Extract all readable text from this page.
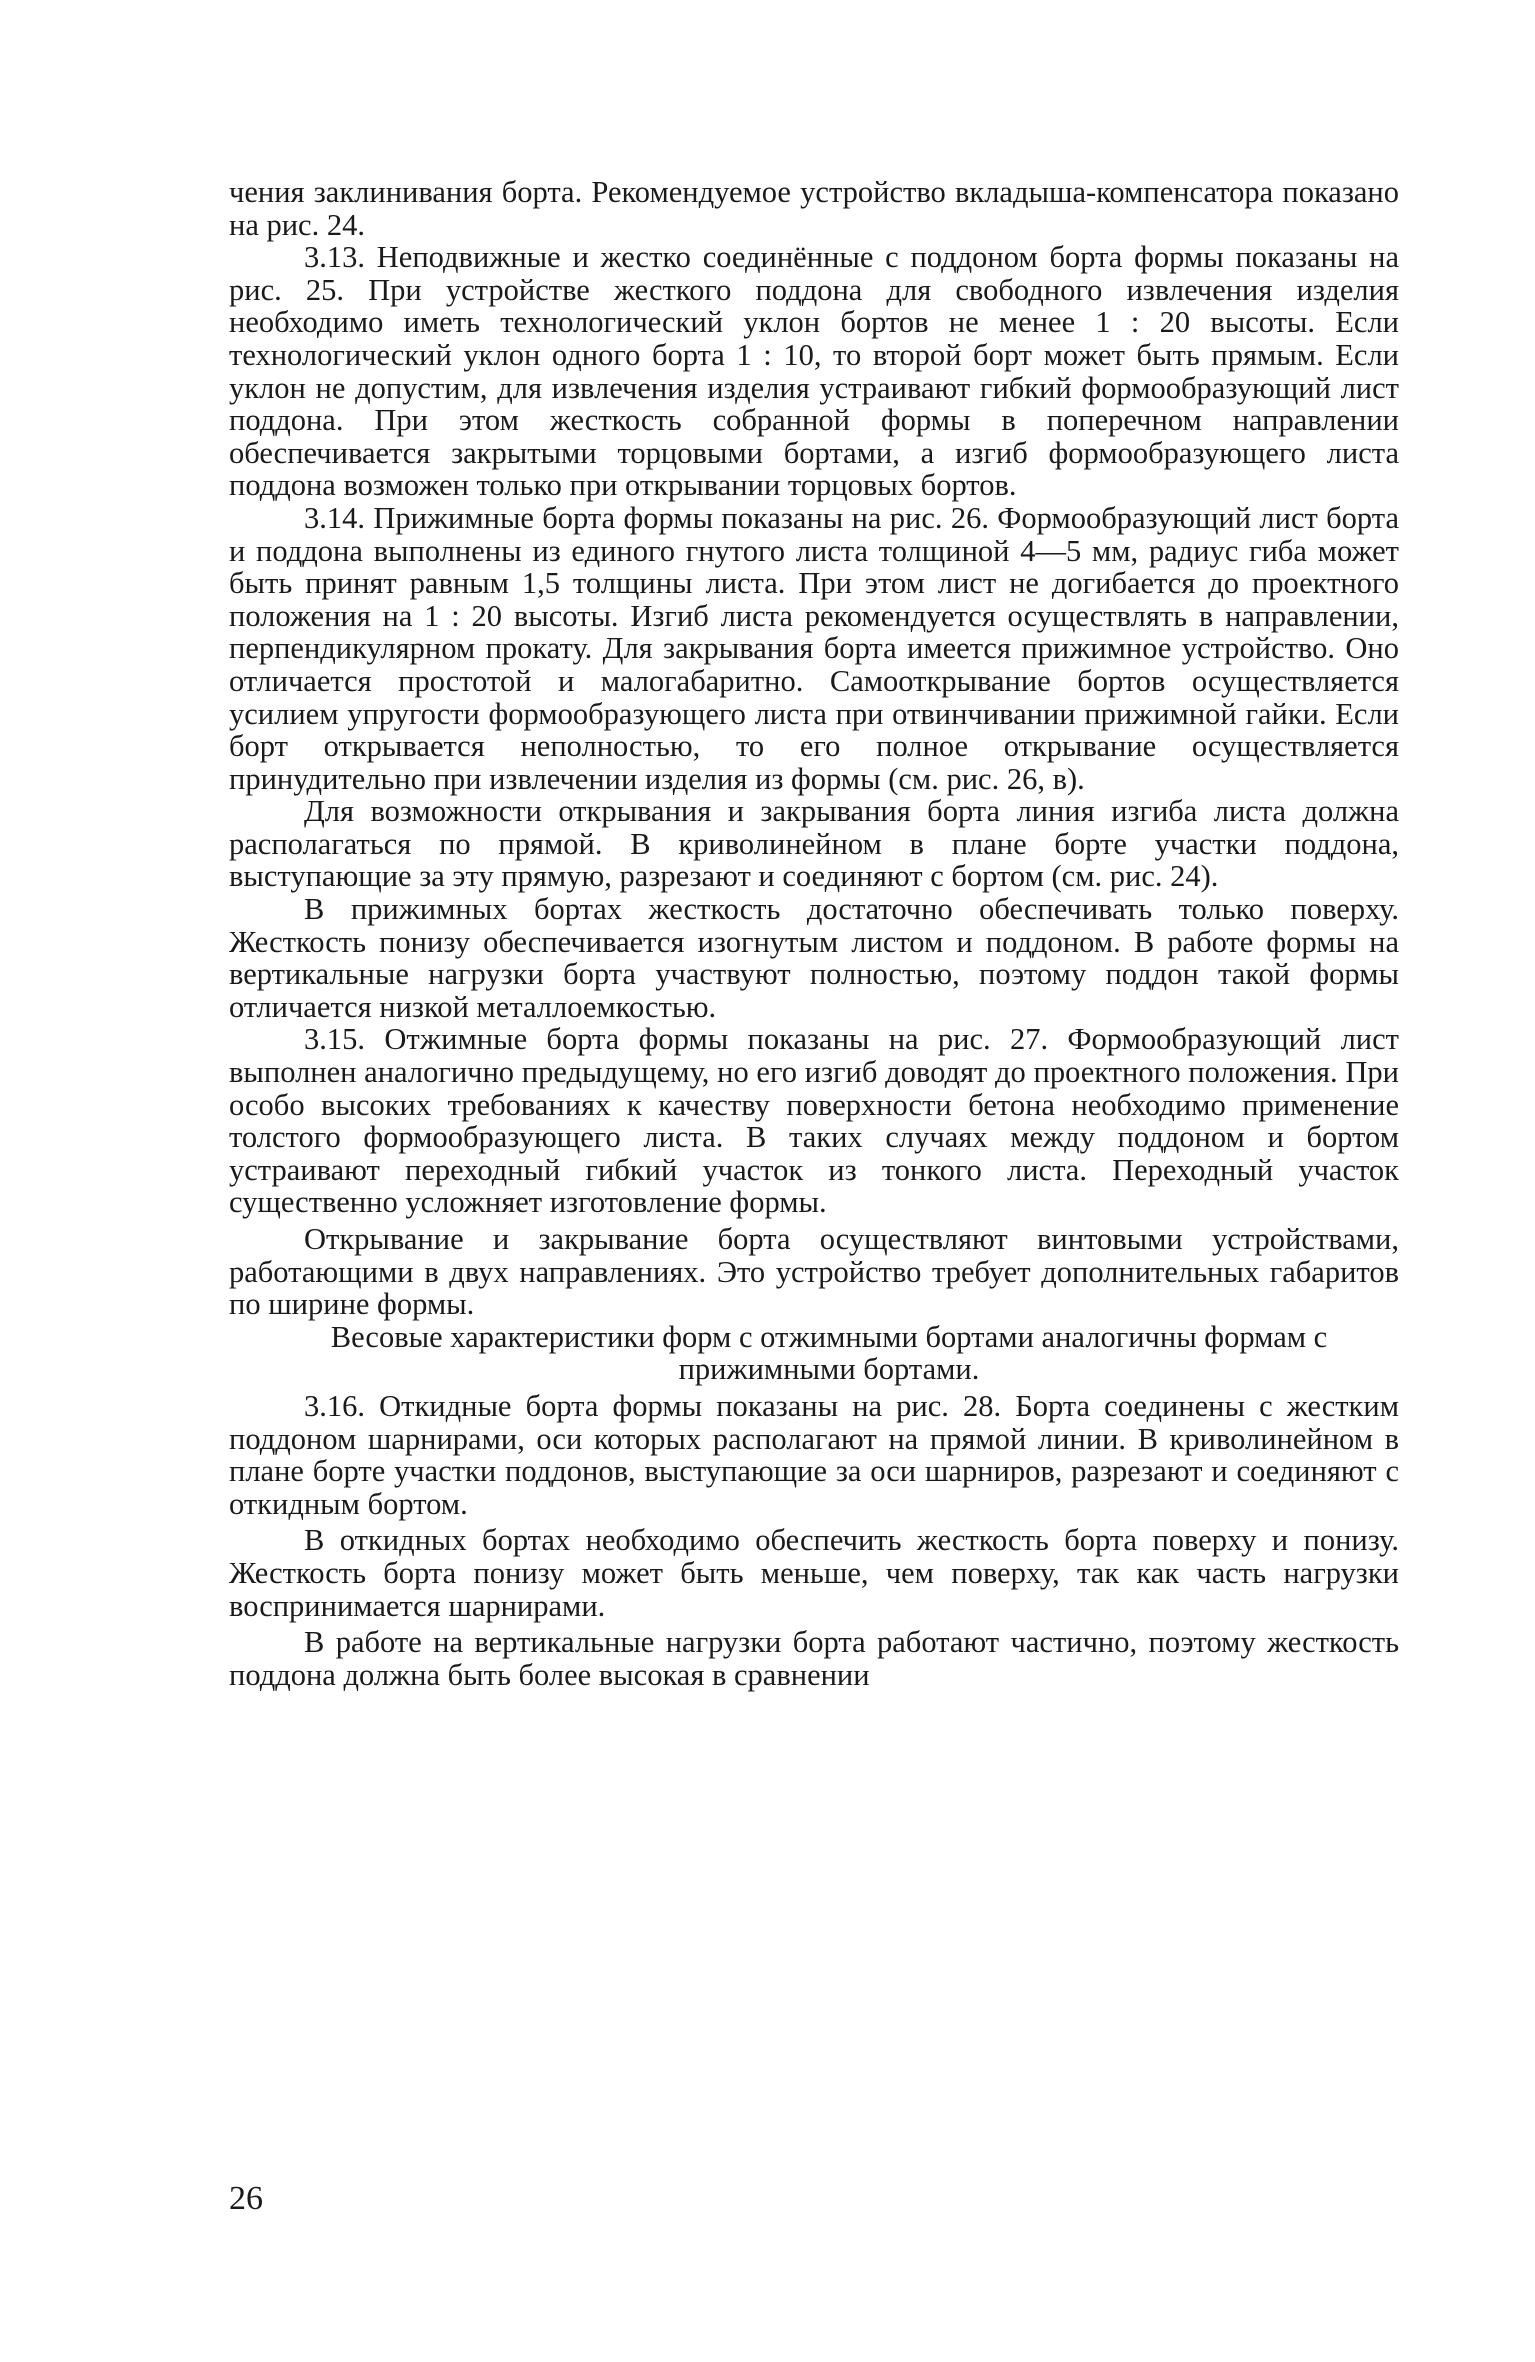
чения заклинивания борта. Рекомендуемое устройство вкладыша-компенсатора показано на рис. 24.

3.13. Неподвижные и жестко соединённые с поддоном борта формы показаны на рис. 25. При устройстве жесткого поддона для свободного извлечения изделия необходимо иметь технологический уклон бортов не менее 1 : 20 высоты. Если технологический уклон одного борта 1 : 10, то второй борт может быть прямым. Если уклон не допустим, для извлечения изделия устраивают гибкий формообразующий лист поддона. При этом жесткость собранной формы в поперечном направлении обеспечивается закрытыми торцовыми бортами, а изгиб формообразующего листа поддона возможен только при открывании торцовых бортов.

3.14. Прижимные борта формы показаны на рис. 26. Формообразующий лист борта и поддона выполнены из единого гнутого листа толщиной 4—5 мм, радиус гиба может быть принят равным 1,5 толщины листа. При этом лист не догибается до проектного положения на 1 : 20 высоты. Изгиб листа рекомендуется осуществлять в направлении, перпендикулярном прокату. Для закрывания борта имеется прижимное устройство. Оно отличается простотой и малогабаритно. Самооткрывание бортов осуществляется усилием упругости формообразующего листа при отвинчивании прижимной гайки. Если борт открывается неполностью, то его полное открывание осуществляется принудительно при извлечении изделия из формы (см. рис. 26, в).

Для возможности открывания и закрывания борта линия изгиба листа должна располагаться по прямой. В криволинейном в плане борте участки поддона, выступающие за эту прямую, разрезают и соединяют с бортом (см. рис. 24).

В прижимных бортах жесткость достаточно обеспечивать только поверху. Жесткость понизу обеспечивается изогнутым листом и поддоном. В работе формы на вертикальные нагрузки борта участвуют полностью, поэтому поддон такой формы отличается низкой металлоемкостью.

3.15. Отжимные борта формы показаны на рис. 27. Формообразующий лист выполнен аналогично предыдущему, но его изгиб доводят до проектного положения. При особо высоких требованиях к качеству поверхности бетона необходимо применение толстого формообразующего листа. В таких случаях между поддоном и бортом устраивают переходный гибкий участок из тонкого листа. Переходный участок существенно усложняет изготовление формы.

Открывание и закрывание борта осуществляют винтовыми устройствами, работающими в двух направлениях. Это устройство требует дополнительных габаритов по ширине формы.

Весовые характеристики форм с отжимными бортами аналогичны формам с прижимными бортами.

3.16. Откидные борта формы показаны на рис. 28. Борта соединены с жестким поддоном шарнирами, оси которых располагают на прямой линии. В криволинейном в плане борте участки поддонов, выступающие за оси шарниров, разрезают и соединяют с откидным бортом.

В откидных бортах необходимо обеспечить жесткость борта поверху и понизу. Жесткость борта понизу может быть меньше, чем поверху, так как часть нагрузки воспринимается шарнирами.

В работе на вертикальные нагрузки борта работают частично, поэтому жесткость поддона должна быть более высокая в сравнении

26
